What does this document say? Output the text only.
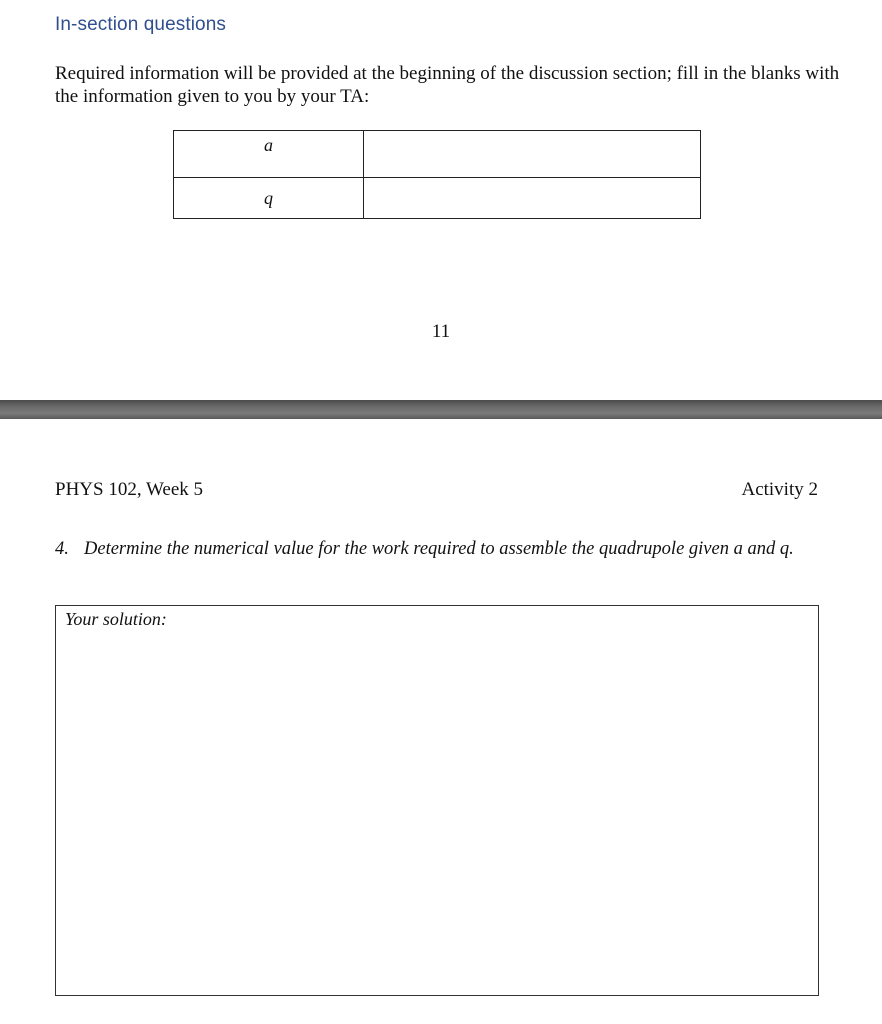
In-section questions
Required information will be provided at the beginning of the discussion section; fill in the blanks with the information given to you by your TA:
a	
q	
11
PHYS 102, Week 5	Activity 2
4. Determine the numerical value for the work required to assemble the quadrupole given a and q.
Your solution:
